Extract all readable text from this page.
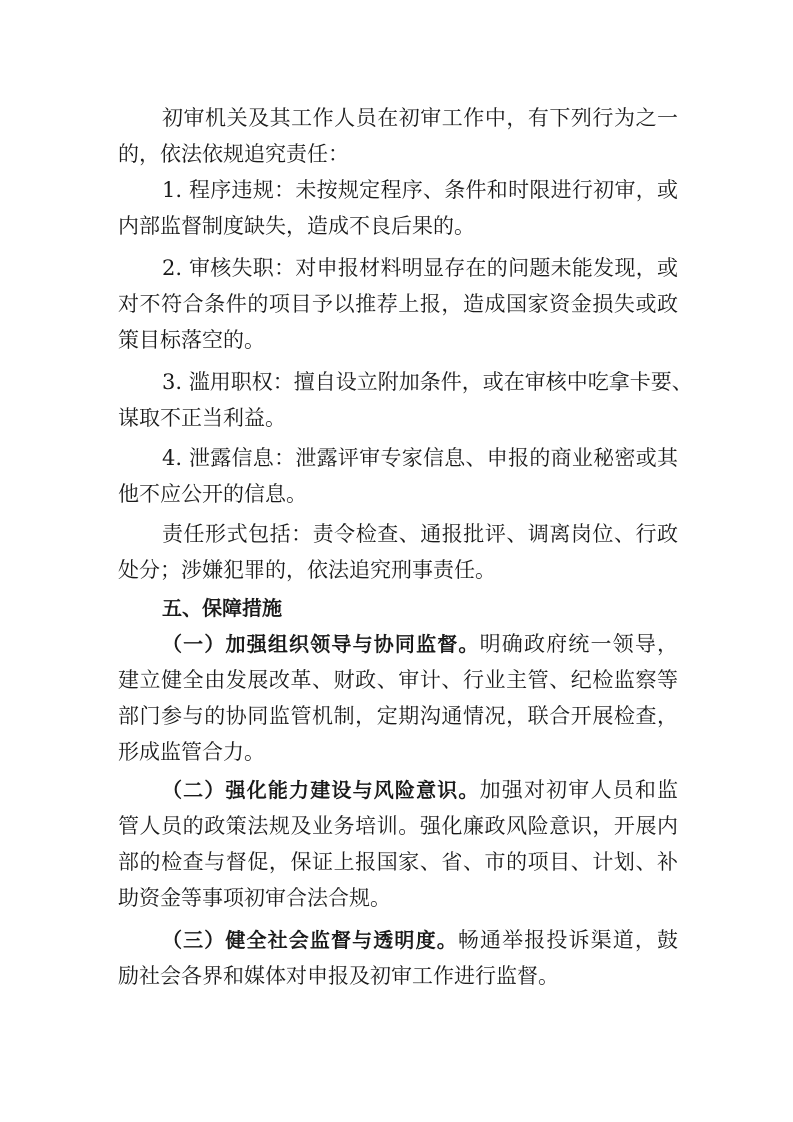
初审机关及其工作人员在初审工作中，有下列行为之一
的，依法依规追究责任：
1. 程序违规：未按规定程序、条件和时限进行初审，或
内部监督制度缺失，造成不良后果的。
2. 审核失职：对申报材料明显存在的问题未能发现，或
对不符合条件的项目予以推荐上报，造成国家资金损失或政
策目标落空的。
3. 滥用职权：擅自设立附加条件，或在审核中吃拿卡要、
谋取不正当利益。
4. 泄露信息：泄露评审专家信息、申报的商业秘密或其
他不应公开的信息。
责任形式包括：责令检查、通报批评、调离岗位、行政
处分；涉嫌犯罪的，依法追究刑事责任。
五、保障措施
（一）加强组织领导与协同监督。明确政府统一领导，
建立健全由发展改革、财政、审计、行业主管、纪检监察等
部门参与的协同监管机制，定期沟通情况，联合开展检查，
形成监管合力。
（二）强化能力建设与风险意识。加强对初审人员和监
管人员的政策法规及业务培训。强化廉政风险意识，开展内
部的检查与督促，保证上报国家、省、市的项目、计划、补
助资金等事项初审合法合规。
（三）健全社会监督与透明度。畅通举报投诉渠道，鼓
励社会各界和媒体对申报及初审工作进行监督。
